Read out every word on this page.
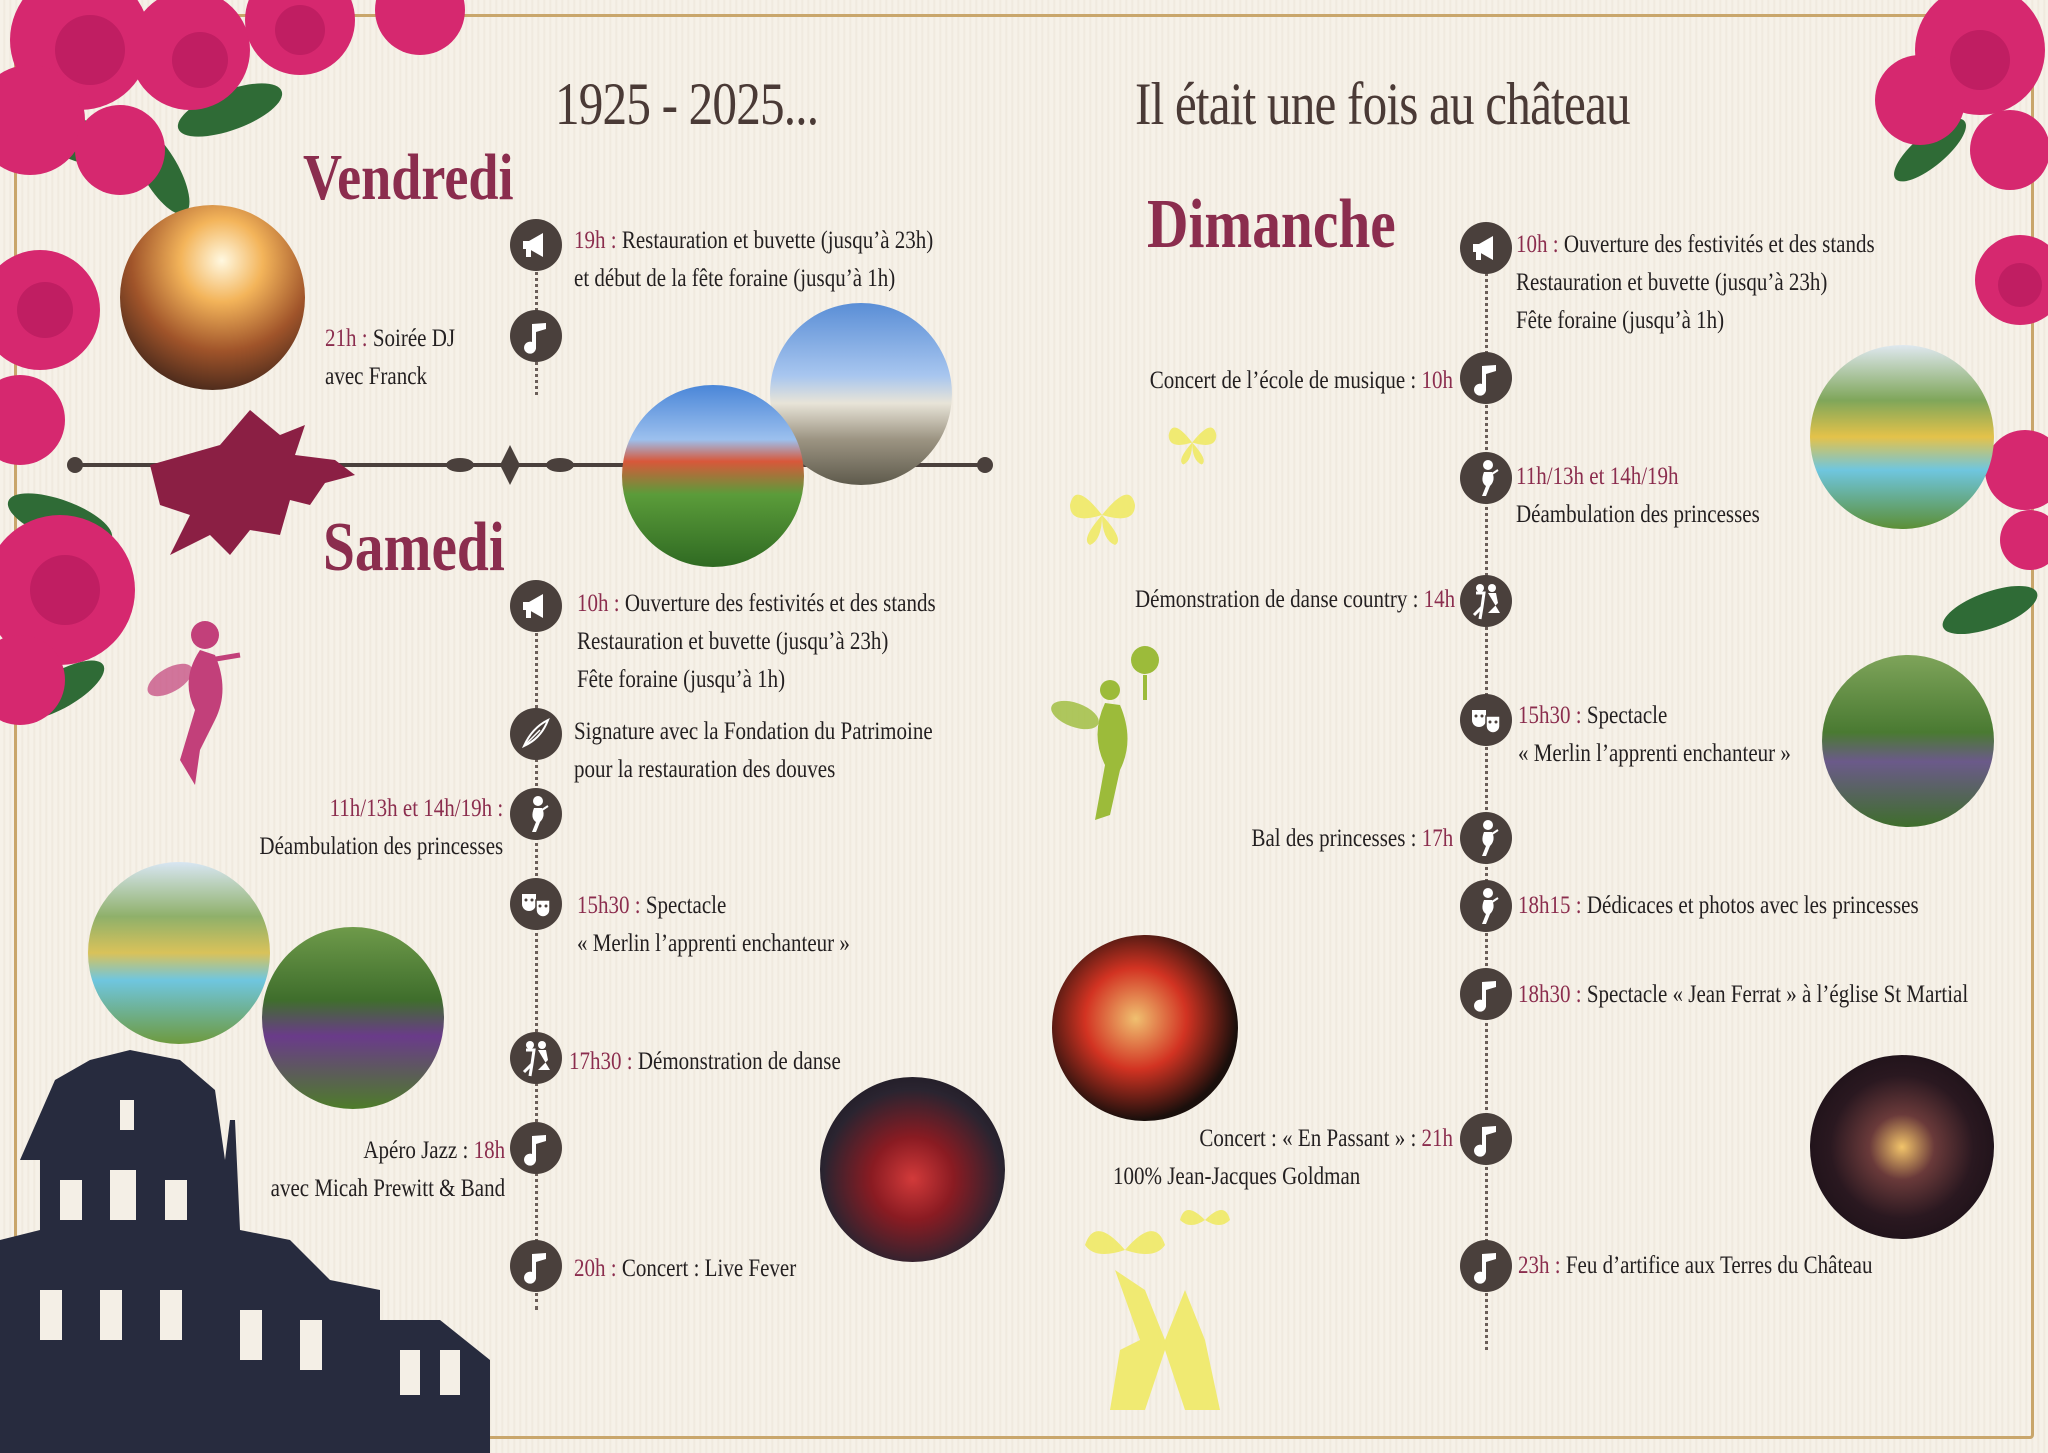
1925 - 2025...	Il était une fois au château
Vendredi
Samedi
Dimanche
19h : Restauration et buvette (jusqu’à 23h)
et début de la fête foraine (jusqu’à 1h)
21h : Soirée DJ
avec Franck
10h : Ouverture des festivités et des stands
Restauration et buvette (jusqu’à 23h)
Fête foraine (jusqu’à 1h)
Signature avec la Fondation du Patrimoine
pour la restauration des douves
11h/13h et 14h/19h :
Déambulation des princesses
15h30 : Spectacle
« Merlin l’apprenti enchanteur »
17h30 : Démonstration de danse
Apéro Jazz : 18h
avec Micah Prewitt & Band
20h : Concert : Live Fever
10h : Ouverture des festivités et des stands
Restauration et buvette (jusqu’à 23h)
Fête foraine (jusqu’à 1h)
Concert de l’école de musique : 10h
11h/13h et 14h/19h
Déambulation des princesses
Démonstration de danse country : 14h
15h30 : Spectacle
« Merlin l’apprenti enchanteur »
Bal des princesses : 17h
18h15 : Dédicaces et photos avec les princesses
18h30 : Spectacle « Jean Ferrat » à l’église St Martial
Concert : « En Passant » : 21h
100% Jean-Jacques Goldman
23h : Feu d’artifice aux Terres du Château
